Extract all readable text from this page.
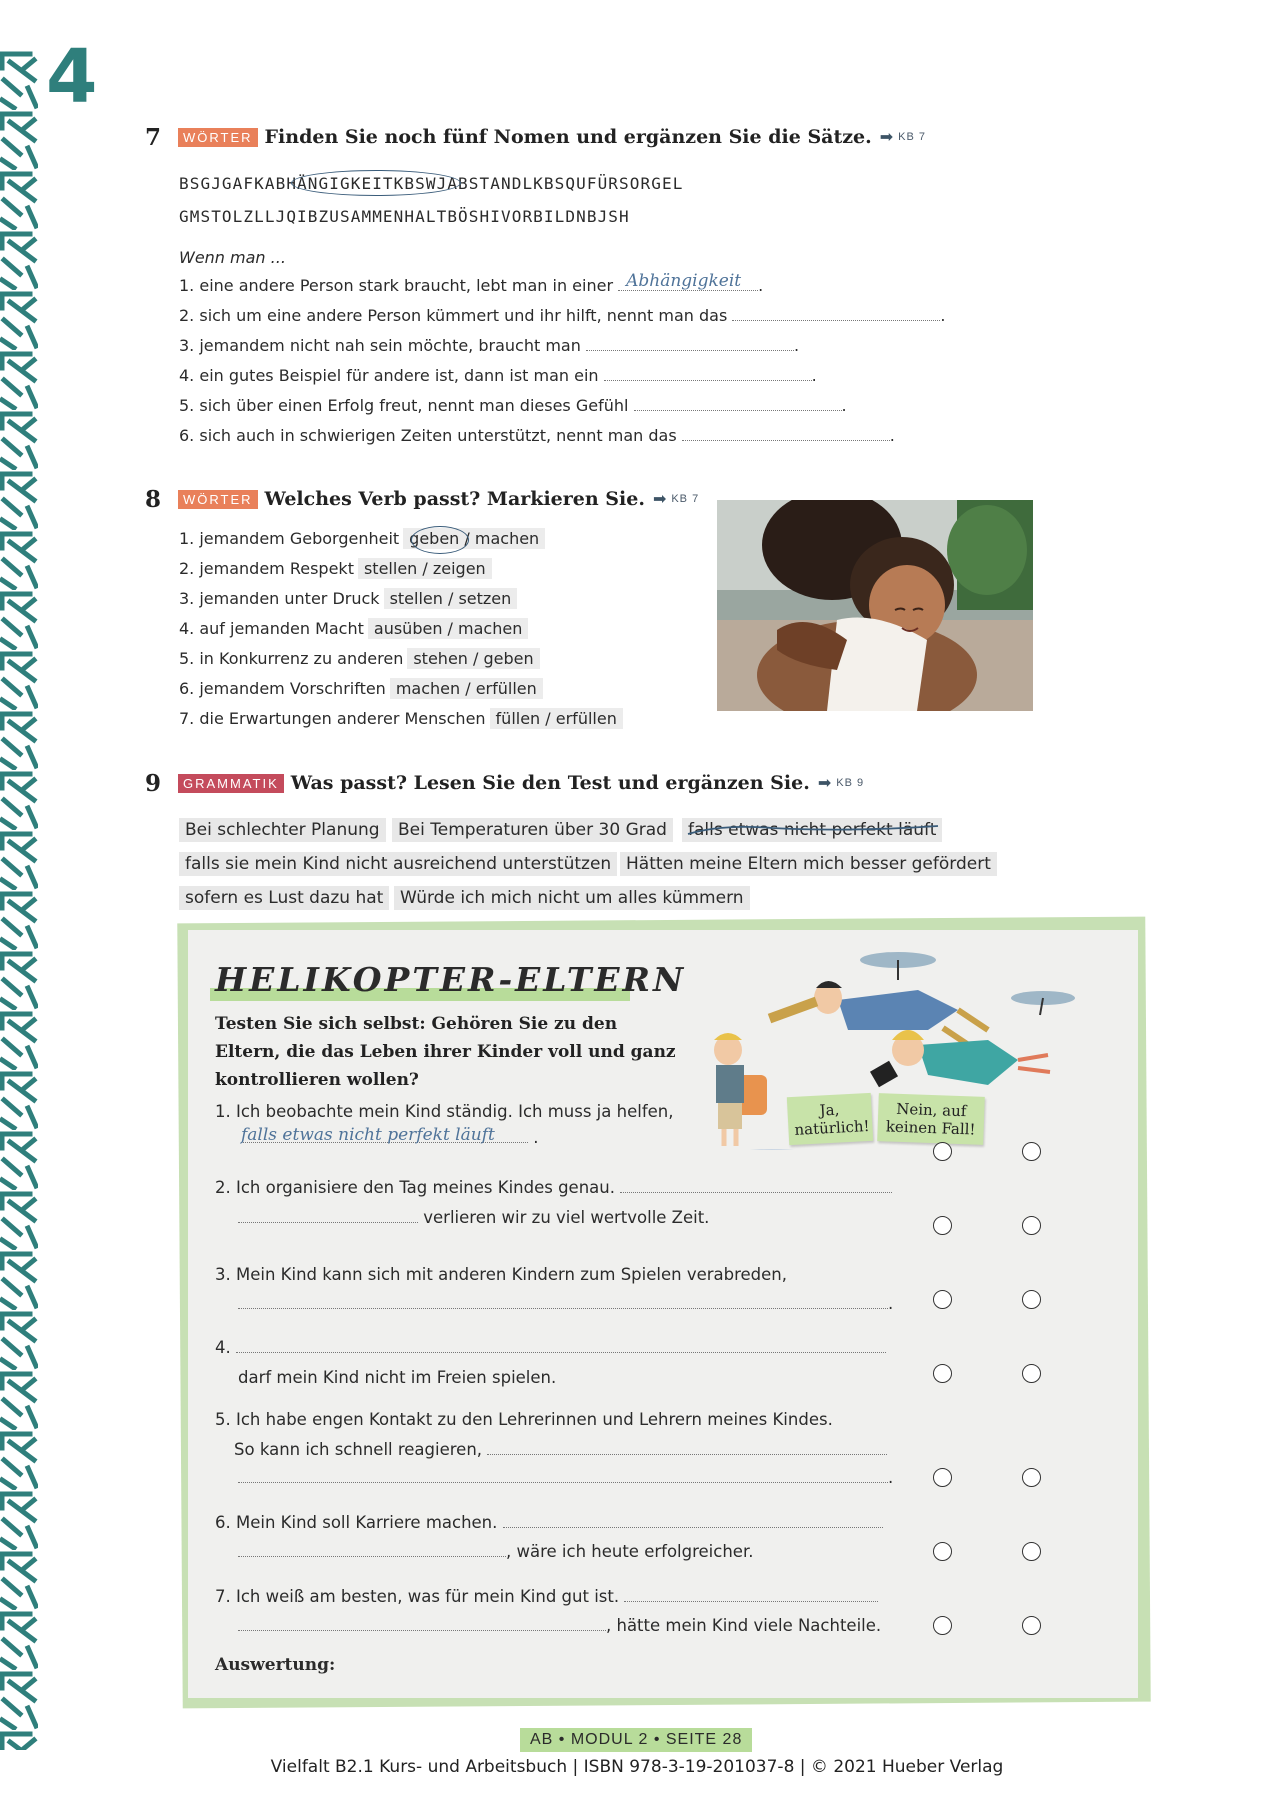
4
7	WÖRTER Finden Sie noch fünf Nomen und ergänzen Sie die Sätze. ➡ KB 7
BSGJGAFKABHÄNGIGKEITKBSWJABSTANDLKBSQUFÜRSORGEL
GMSTOLZLLJQIBZUSAMMENHALTBÖSHIVORBILDNBJSH
Wenn man ...
1. eine andere Person stark braucht, lebt man in einer Abhängigkeit .
2. sich um eine andere Person kümmert und ihr hilft, nennt man das	.
3. jemandem nicht nah sein möchte, braucht man	.
4. ein gutes Beispiel für andere ist, dann ist man ein	.
5. sich über einen Erfolg freut, nennt man dieses Gefühl	.
6. sich auch in schwierigen Zeiten unterstützt, nennt man das	.
8	WÖRTER Welches Verb passt? Markieren Sie. ➡ KB 7
1. jemandem Geborgenheit geben / machen
2. jemandem Respekt stellen / zeigen
3. jemanden unter Druck stellen / setzen
4. auf jemanden Macht ausüben / machen
5. in Konkurrenz zu anderen stehen / geben
6. jemandem Vorschriften machen / erfüllen
7. die Erwartungen anderer Menschen füllen / erfüllen
9	GRAMMATIK Was passt? Lesen Sie den Test und ergänzen Sie. ➡ KB 9
Bei schlechter Planung	Bei Temperaturen über 30 Grad	falls etwas nicht perfekt läuft
falls sie mein Kind nicht ausreichend unterstützen Hätten meine Eltern mich besser gefördert
sofern es Lust dazu hat Würde ich mich nicht um alles kümmern
HELIKOPTER-ELTERN
Testen Sie sich selbst: Gehören Sie zu den Eltern, die das Leben ihrer Kinder voll und ganz kontrollieren wollen?
Ja, natürlich!
Nein, auf keinen Fall!
1. Ich beobachte mein Kind ständig. Ich muss ja helfen,
falls etwas nicht perfekt läuft .
2. Ich organisiere den Tag meines Kindes genau.
verlieren wir zu viel wertvolle Zeit.
3. Mein Kind kann sich mit anderen Kindern zum Spielen verabreden,
.
4.
darf mein Kind nicht im Freien spielen.
5. Ich habe engen Kontakt zu den Lehrerinnen und Lehrern meines Kindes.
So kann ich schnell reagieren,
.
6. Mein Kind soll Karriere machen.
, wäre ich heute erfolgreicher.
7. Ich weiß am besten, was für mein Kind gut ist.
, hätte mein Kind viele Nachteile.
Auswertung:
AB • MODUL 2 • SEITE 28
Vielfalt B2.1 Kurs- und Arbeitsbuch | ISBN 978-3-19-201037-8 | © 2021 Hueber Verlag
